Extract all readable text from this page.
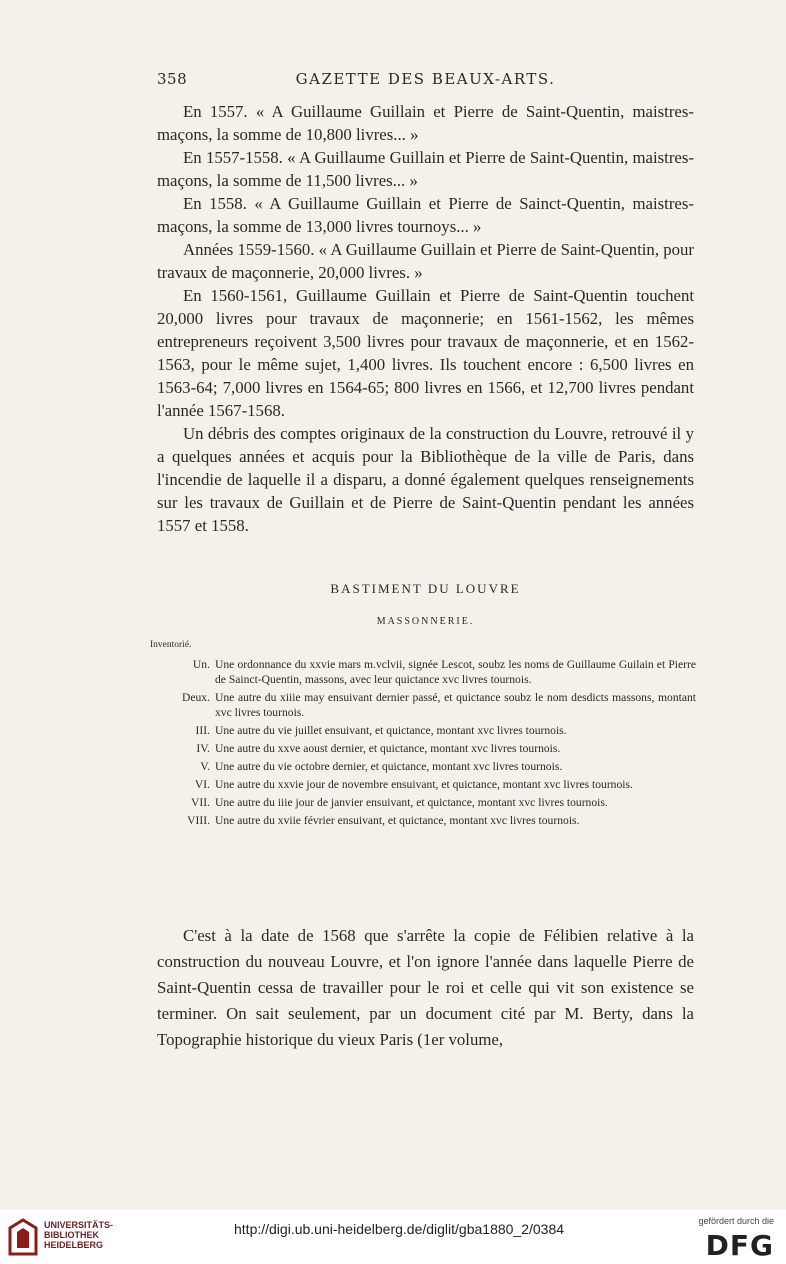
358	GAZETTE DES BEAUX-ARTS.

En 1557. « A Guillaume Guillain et Pierre de Saint-Quentin, maistres-maçons, la somme de 10,800 livres... »

En 1557-1558. « A Guillaume Guillain et Pierre de Saint-Quentin, maistres-maçons, la somme de 11,500 livres... »

En 1558. « A Guillaume Guillain et Pierre de Sainct-Quentin, maistres-maçons, la somme de 13,000 livres tournoys... »

Années 1559-1560. « A Guillaume Guillain et Pierre de Saint-Quentin, pour travaux de maçonnerie, 20,000 livres. »

En 1560-1561, Guillaume Guillain et Pierre de Saint-Quentin touchent 20,000 livres pour travaux de maçonnerie; en 1561-1562, les mêmes entrepreneurs reçoivent 3,500 livres pour travaux de maçonnerie, et en 1562-1563, pour le même sujet, 1,400 livres. Ils touchent encore : 6,500 livres en 1563-64; 7,000 livres en 1564-65; 800 livres en 1566, et 12,700 livres pendant l'année 1567-1568.

Un débris des comptes originaux de la construction du Louvre, retrouvé il y a quelques années et acquis pour la Bibliothèque de la ville de Paris, dans l'incendie de laquelle il a disparu, a donné également quelques renseignements sur les travaux de Guillain et de Pierre de Saint-Quentin pendant les années 1557 et 1558.

BASTIMENT DU LOUVRE
MASSONNERIE.
Inventorié.
Un. Une ordonnance du xxvie mars m.vclvii, signée Lescot, soubz les noms de Guillaume Guilain et Pierre de Sainct-Quentin, massons, avec leur quictance xvc livres tournois.
Deux. Une autre du xiiie may ensuivant dernier passé, et quictance soubz le nom desdicts massons, montant xvc livres tournois.
III. Une autre du vie juillet ensuivant, et quictance, montant xvc livres tournois.
IV. Une autre du xxve aoust dernier, et quictance, montant xvc livres tournois.
V. Une autre du vie octobre dernier, et quictance, montant xvc livres tournois.
VI. Une autre du xxvie jour de novembre ensuivant, et quictance, montant xvc livres tournois.
VII. Une autre du iiie jour de janvier ensuivant, et quictance, montant xvc livres tournois.
VIII. Une autre du xviie février ensuivant, et quictance, montant xvc livres tournois.

C'est à la date de 1568 que s'arrête la copie de Félibien relative à la construction du nouveau Louvre, et l'on ignore l'année dans laquelle Pierre de Saint-Quentin cessa de travailler pour le roi et celle qui vit son existence se terminer. On sait seulement, par un document cité par M. Berty, dans la Topographie historique du vieux Paris (1er volume,

UNIVERSITÄTS-
BIBLIOTHEK
HEIDELBERG
http://digi.ub.uni-heidelberg.de/diglit/gba1880_2/0384	gefördert durch die
DFG
